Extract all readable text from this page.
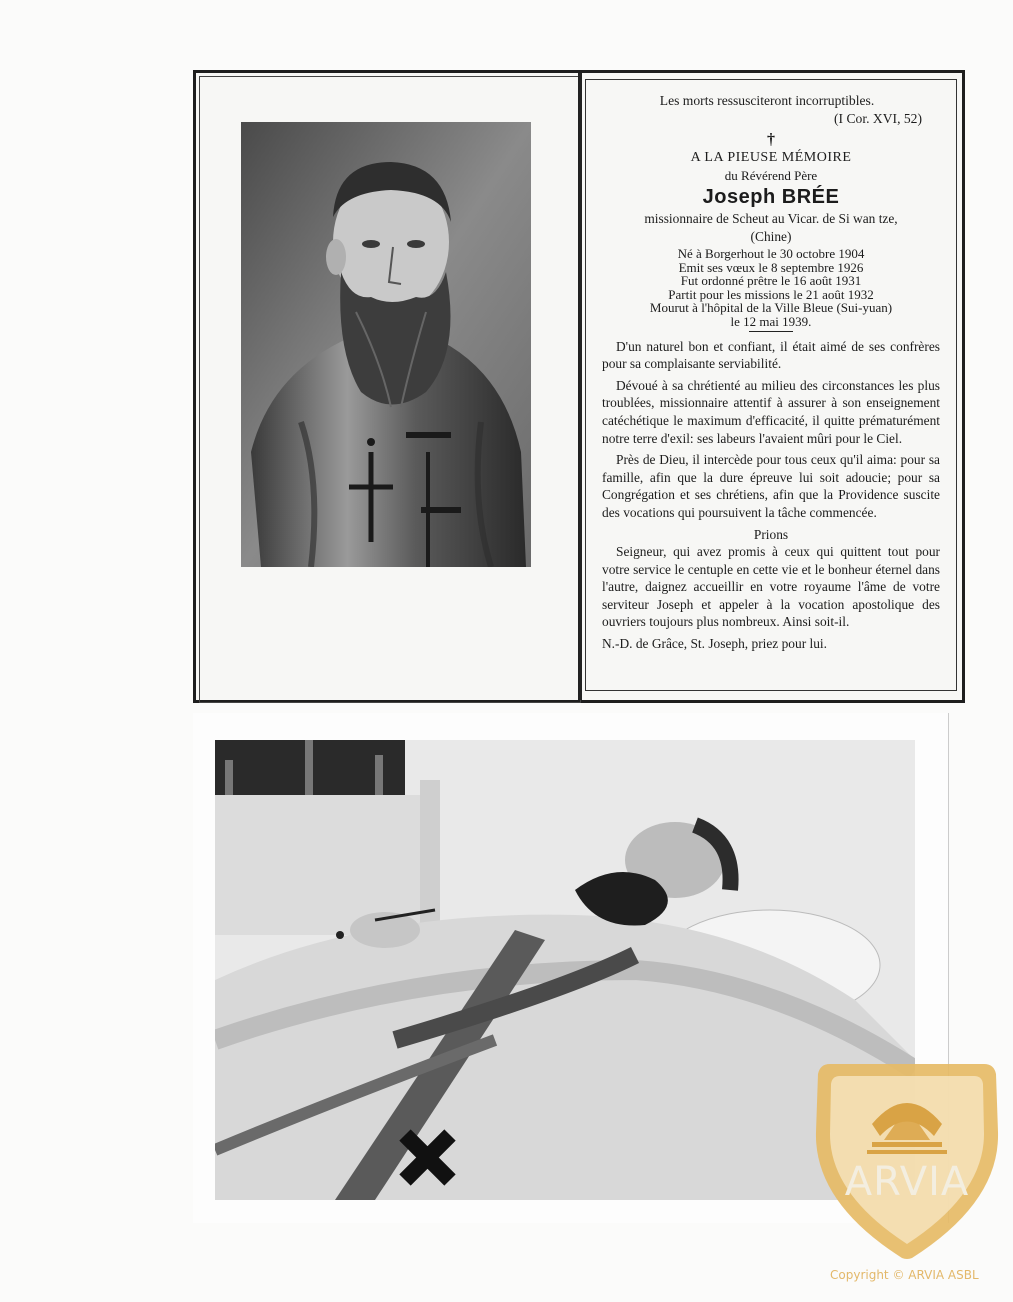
Les morts ressusciteront incorruptibles.
(I Cor. XVI, 52)
†
A LA PIEUSE MÉMOIRE
du Révérend Père
Joseph BRÉE
missionnaire de Scheut au Vicar. de Si wan tze,
(Chine)
Né à Borgerhout le 30 octobre 1904
Emit ses vœux le 8 septembre 1926
Fut ordonné prêtre le 16 août 1931
Partit pour les missions le 21 août 1932
Mourut à l'hôpital de la Ville Bleue (Sui-yuan)
le 12 mai 1939.

D'un naturel bon et confiant, il était aimé de ses confrères pour sa complaisante serviabilité.

Dévoué à sa chrétienté au milieu des circonstances les plus troublées, missionnaire attentif à assurer à son enseignement catéchétique le maximum d'efficacité, il quitte prématurément notre terre d'exil: ses labeurs l'avaient mûri pour le Ciel.

Près de Dieu, il intercède pour tous ceux qu'il aima: pour sa famille, afin que la dure épreuve lui soit adoucie; pour sa Congrégation et ses chrétiens, afin que la Providence suscite des vocations qui poursuivent la tâche commencée.

Prions

Seigneur, qui avez promis à ceux qui quittent tout pour votre service le centuple en cette vie et le bonheur éternel dans l'autre, daignez accueillir en votre royaume l'âme de votre serviteur Joseph et appeler à la vocation apostolique des ouvriers toujours plus nombreux. Ainsi soit-il.

N.-D. de Grâce, St. Joseph, priez pour lui.

ARVIA
Copyright © ARVIA ASBL
